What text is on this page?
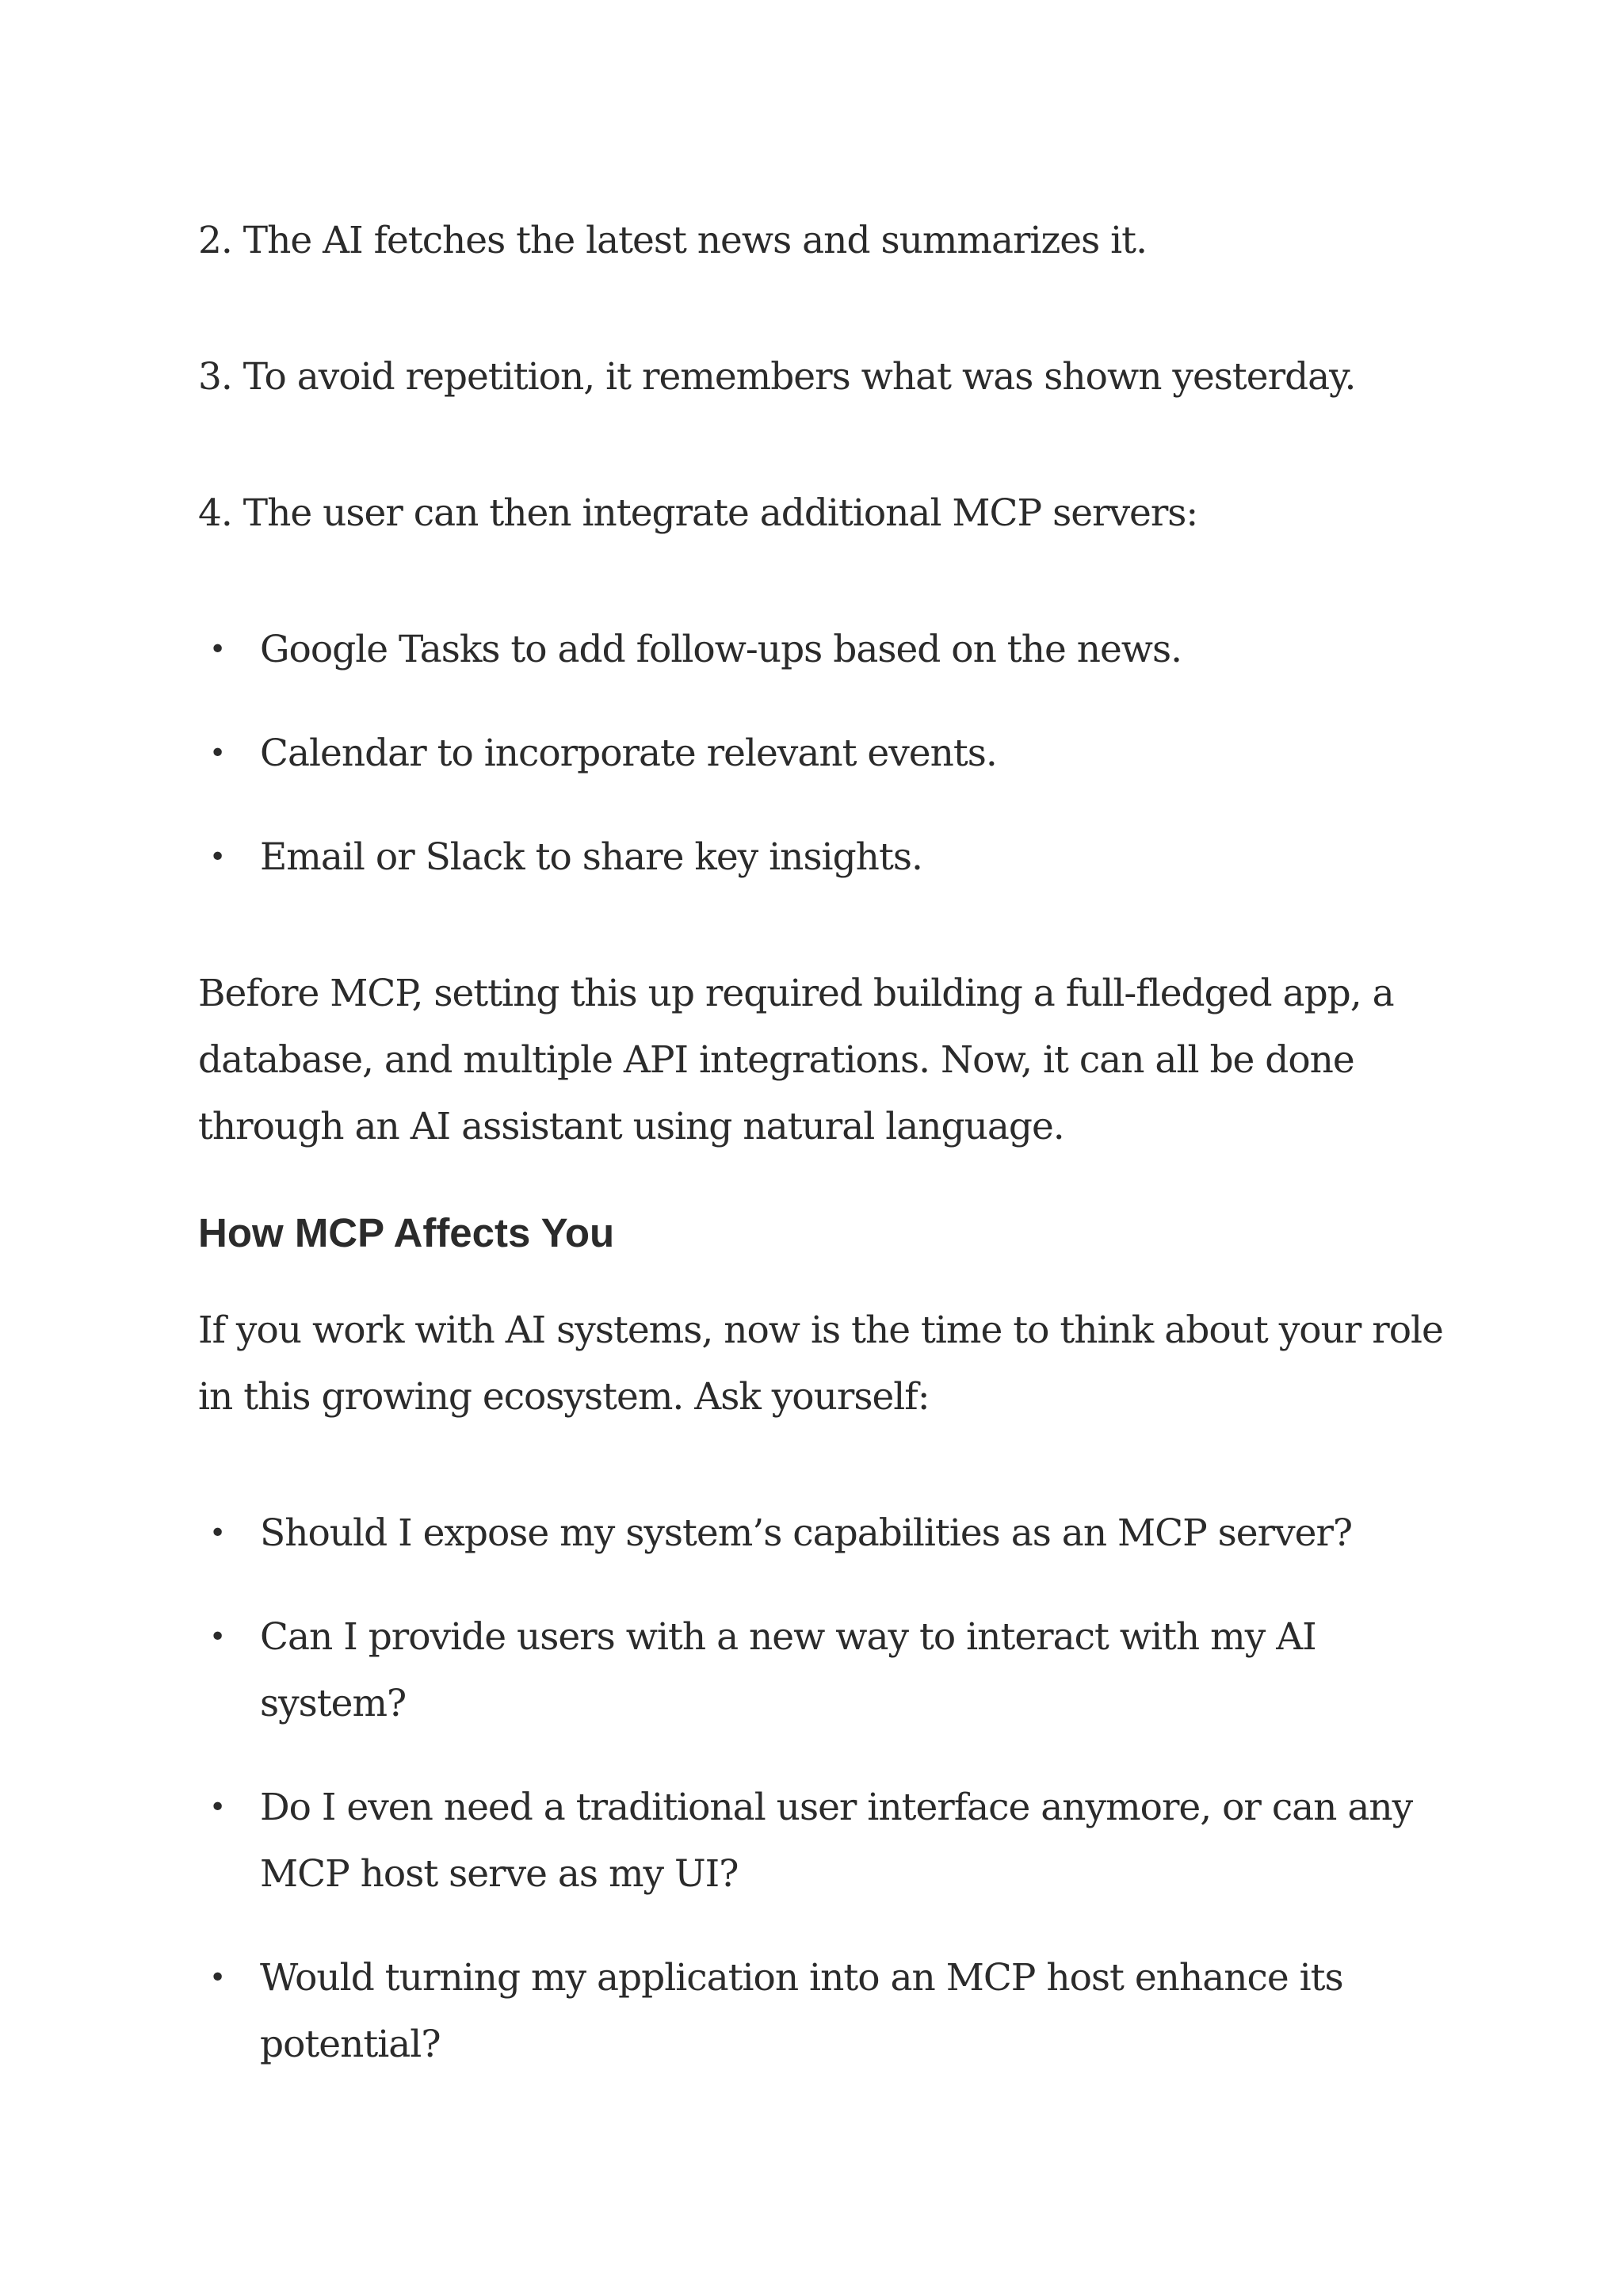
2. The AI fetches the latest news and summarizes it.

3. To avoid repetition, it remembers what was shown yesterday.

4. The user can then integrate additional MCP servers:

• Google Tasks to add follow-ups based on the news.

• Calendar to incorporate relevant events.

• Email or Slack to share key insights.

Before MCP, setting this up required building a full-fledged app, a

database, and multiple API integrations. Now, it can all be done

through an AI assistant using natural language.

How MCP Affects You

If you work with AI systems, now is the time to think about your role

in this growing ecosystem. Ask yourself:

• Should I expose my system’s capabilities as an MCP server?

• Can I provide users with a new way to interact with my AI

system?

• Do I even need a traditional user interface anymore, or can any

MCP host serve as my UI?

• Would turning my application into an MCP host enhance its

potential?
